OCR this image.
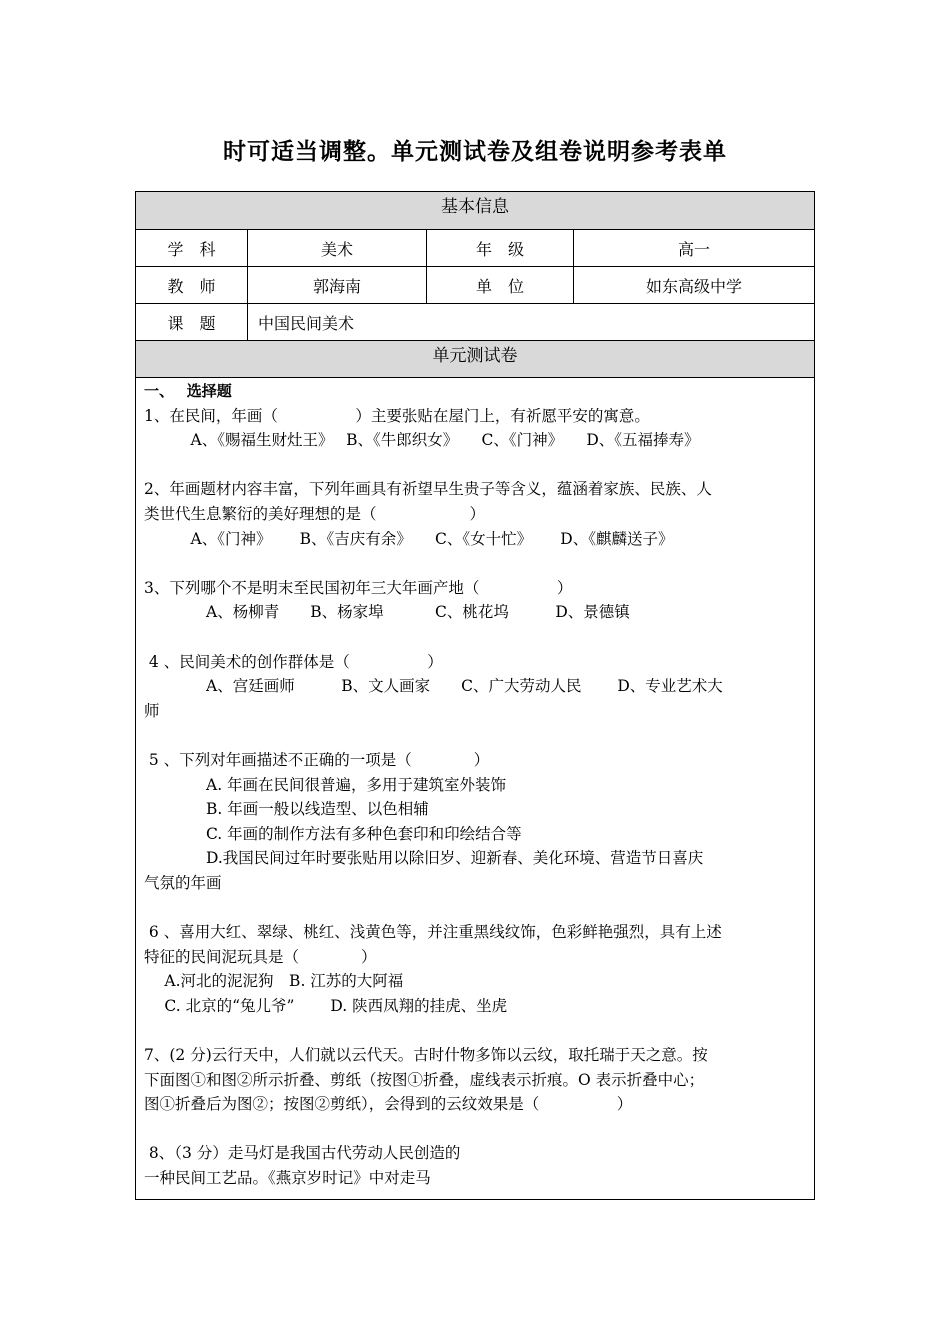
时可适当调整。单元测试卷及组卷说明参考表单
基本信息
学　科	美术	年　级	高一
教　师	郭海南	单　位	如东高级中学
课　题	中国民间美术
单元测试卷

一、　 选择题

1、在民间，年画（　　　　　）主要张贴在屋门上，有祈愿平安的寓意。

　　　A、《赐福生财灶王》　 B、《牛郎织女》　　C、《门神》　　D、《五福捧寿》

2、年画题材内容丰富，下列年画具有祈望早生贵子等含义，蕴涵着家族、民族、人

类世代生息繁衍的美好理想的是（　　　　　　）

　　　A、《门神》　　 B、《吉庆有余》　　C、《女十忙》　　 D、《麒麟送子》

3、下列哪个不是明末至民国初年三大年画产地（　　　　　）

　　　　A、杨柳青　　B、杨家埠　　　 C、桃花坞　　　D、景德镇

4 、民间美术的创作群体是（　　　　　）

　　　　A、宫廷画师　　　B、文人画家　　C、广大劳动人民　　 D、专业艺术大

师

5 、下列对年画描述不正确的一项是（　　　　）

　　　　A. 年画在民间很普遍，多用于建筑室外装饰

　　　　B. 年画一般以线造型、以色相辅

　　　　C. 年画的制作方法有多种色套印和印绘结合等

　　　　D.我国民间过年时要张贴用以除旧岁、迎新春、美化环境、营造节日喜庆

气氛的年画

6 、喜用大红、翠绿、桃红、浅黄色等，并注重黑线纹饰，色彩鲜艳强烈，具有上述

特征的民间泥玩具是（　　　　）

　 A.河北的泥泥狗　B. 江苏的大阿福

　 C. 北京的“兔儿爷”　　 D. 陕西凤翔的挂虎、坐虎

7、(2 分)云行天中，人们就以云代天。古时什物多饰以云纹，取托瑞于天之意。按

下面图①和图②所示折叠、剪纸（按图①折叠，虚线表示折痕。O 表示折叠中心；

图①折叠后为图②；按图②剪纸），会得到的云纹效果是（　　　　　）

8、（3 分）走马灯是我国古代劳动人民创造的

一种民间工艺品。《燕京岁时记》中对走马
